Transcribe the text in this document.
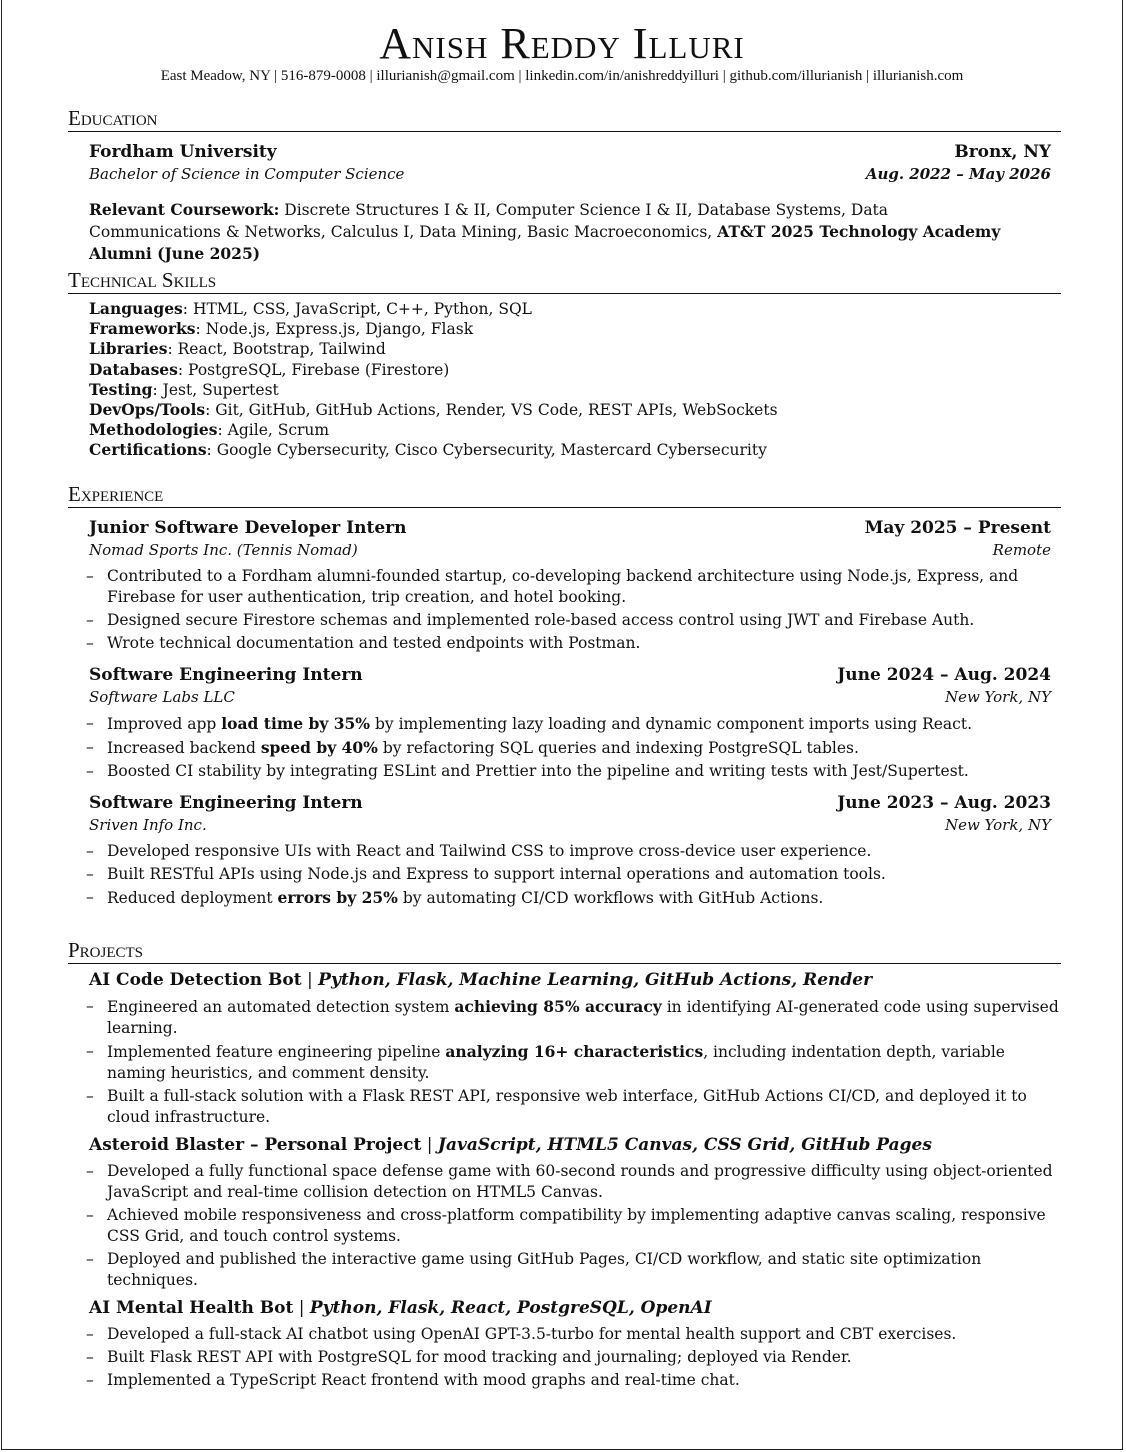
Anish Reddy Illuri
East Meadow, NY | 516-879-0008 | illurianish@gmail.com | linkedin.com/in/anishreddyilluri | github.com/illurianish | illurianish.com
Education
Fordham University	Bronx, NY
Bachelor of Science in Computer Science	Aug. 2022 – May 2026
Relevant Coursework: Discrete Structures I & II, Computer Science I & II, Database Systems, Data Communications & Networks, Calculus I, Data Mining, Basic Macroeconomics, AT&T 2025 Technology Academy Alumni (June 2025)
Technical Skills
Languages: HTML, CSS, JavaScript, C++, Python, SQL
Frameworks: Node.js, Express.js, Django, Flask
Libraries: React, Bootstrap, Tailwind
Databases: PostgreSQL, Firebase (Firestore)
Testing: Jest, Supertest
DevOps/Tools: Git, GitHub, GitHub Actions, Render, VS Code, REST APIs, WebSockets
Methodologies: Agile, Scrum
Certifications: Google Cybersecurity, Cisco Cybersecurity, Mastercard Cybersecurity
Experience
Junior Software Developer Intern	May 2025 – Present
Nomad Sports Inc. (Tennis Nomad)	Remote
– Contributed to a Fordham alumni-founded startup, co-developing backend architecture using Node.js, Express, and Firebase for user authentication, trip creation, and hotel booking.
– Designed secure Firestore schemas and implemented role-based access control using JWT and Firebase Auth.
– Wrote technical documentation and tested endpoints with Postman.
Software Engineering Intern	June 2024 – Aug. 2024
Software Labs LLC	New York, NY
– Improved app load time by 35% by implementing lazy loading and dynamic component imports using React.
– Increased backend speed by 40% by refactoring SQL queries and indexing PostgreSQL tables.
– Boosted CI stability by integrating ESLint and Prettier into the pipeline and writing tests with Jest/Supertest.
Software Engineering Intern	June 2023 – Aug. 2023
Sriven Info Inc.	New York, NY
– Developed responsive UIs with React and Tailwind CSS to improve cross-device user experience.
– Built RESTful APIs using Node.js and Express to support internal operations and automation tools.
– Reduced deployment errors by 25% by automating CI/CD workflows with GitHub Actions.
Projects
AI Code Detection Bot | Python, Flask, Machine Learning, GitHub Actions, Render
– Engineered an automated detection system achieving 85% accuracy in identifying AI-generated code using supervised learning.
– Implemented feature engineering pipeline analyzing 16+ characteristics, including indentation depth, variable naming heuristics, and comment density.
– Built a full-stack solution with a Flask REST API, responsive web interface, GitHub Actions CI/CD, and deployed it to cloud infrastructure.
Asteroid Blaster – Personal Project | JavaScript, HTML5 Canvas, CSS Grid, GitHub Pages
– Developed a fully functional space defense game with 60-second rounds and progressive difficulty using object-oriented JavaScript and real-time collision detection on HTML5 Canvas.
– Achieved mobile responsiveness and cross-platform compatibility by implementing adaptive canvas scaling, responsive CSS Grid, and touch control systems.
– Deployed and published the interactive game using GitHub Pages, CI/CD workflow, and static site optimization techniques.
AI Mental Health Bot | Python, Flask, React, PostgreSQL, OpenAI
– Developed a full-stack AI chatbot using OpenAI GPT-3.5-turbo for mental health support and CBT exercises.
– Built Flask REST API with PostgreSQL for mood tracking and journaling; deployed via Render.
– Implemented a TypeScript React frontend with mood graphs and real-time chat.
